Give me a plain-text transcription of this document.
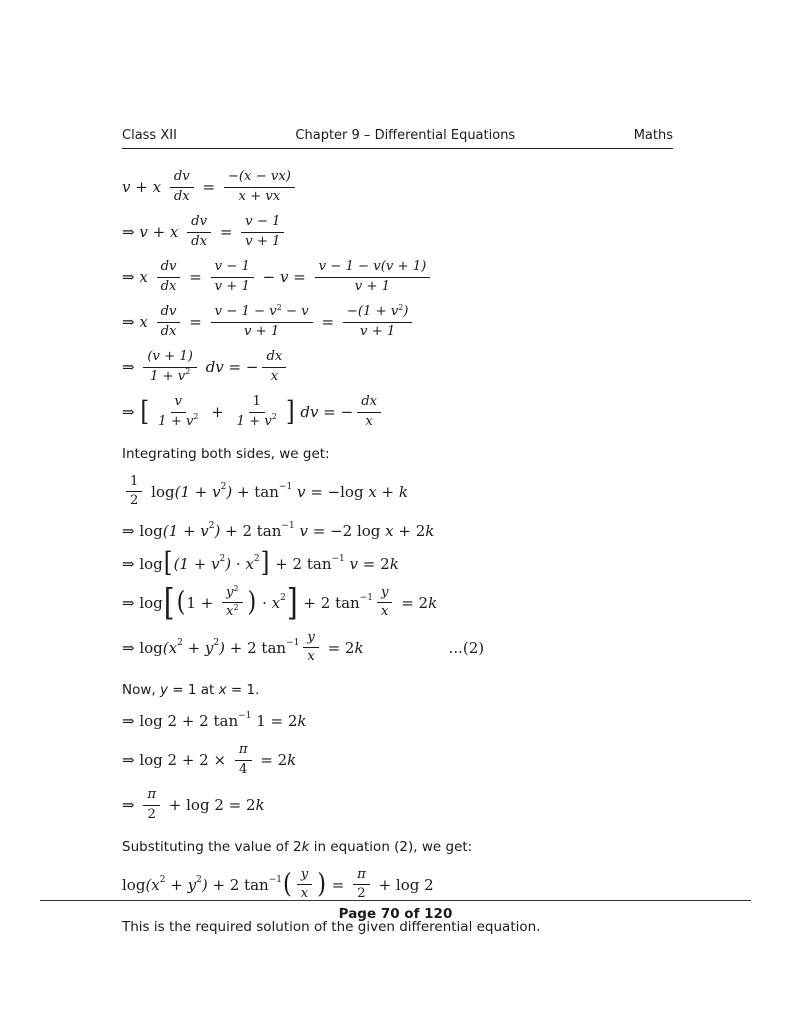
Class XII	Chapter 9 – Differential Equations	Maths
v + x $\frac{dv}{dx} = \frac{-(x - vx)}{x + vx}$
⇒ v + x $\frac{dv}{dx} = \frac{v - 1}{v + 1}$
⇒ x $\frac{dv}{dx} = \frac{v - 1}{v + 1} - v = \frac{v - 1 - v(v + 1)}{v + 1}$
⇒ x $\frac{dv}{dx} = \frac{v - 1 - v 2 - v}{v + 1} = \frac{-(1 + v 2 )}{v + 1}$
⇒ $\frac{(v + 1)}{1 + v 2}$ dv = − $\frac{dx}{x}$
⇒ [ $\frac{v}{1 + v 2} + \frac{1}{1 + v 2}$ ] dv = − $\frac{dx}{x}$
Integrating both sides, we get:
$\frac{1}{2}$ log (1 + v 2 ) + tan −1 v = −log x + k
⇒ log (1 + v 2 ) + 2 tan −1 v = −2 log x + 2 k
⇒ log [ (1 + v 2 ) · x 2 ] + 2 tan −1 v = 2 k
⇒ log [ ( $1 + \frac{y 2}{x 2}$ ) · x 2 ] + 2 $\tan -1 \frac{y}{x} = 2$ k
⇒ log (x 2 + y 2 ) + 2 $\tan -1 \frac{y}{x} = 2$ k	...(2)
Now, y = 1 at x = 1.
⇒ log 2 + 2 tan −1 1 = 2 k
⇒ $\log 2 + 2 \times \frac{\pi}{4} = 2$ k
⇒ $\frac{\pi}{2} + \log 2 = 2$ k
Substituting the value of 2k in equation (2), we get:
log (x 2 + y 2 ) + 2 tan −1 ( $\frac{y}{x}$ ) = $\frac{\pi}{2} + \log 2$
This is the required solution of the given differential equation.
Page 70 of 120
